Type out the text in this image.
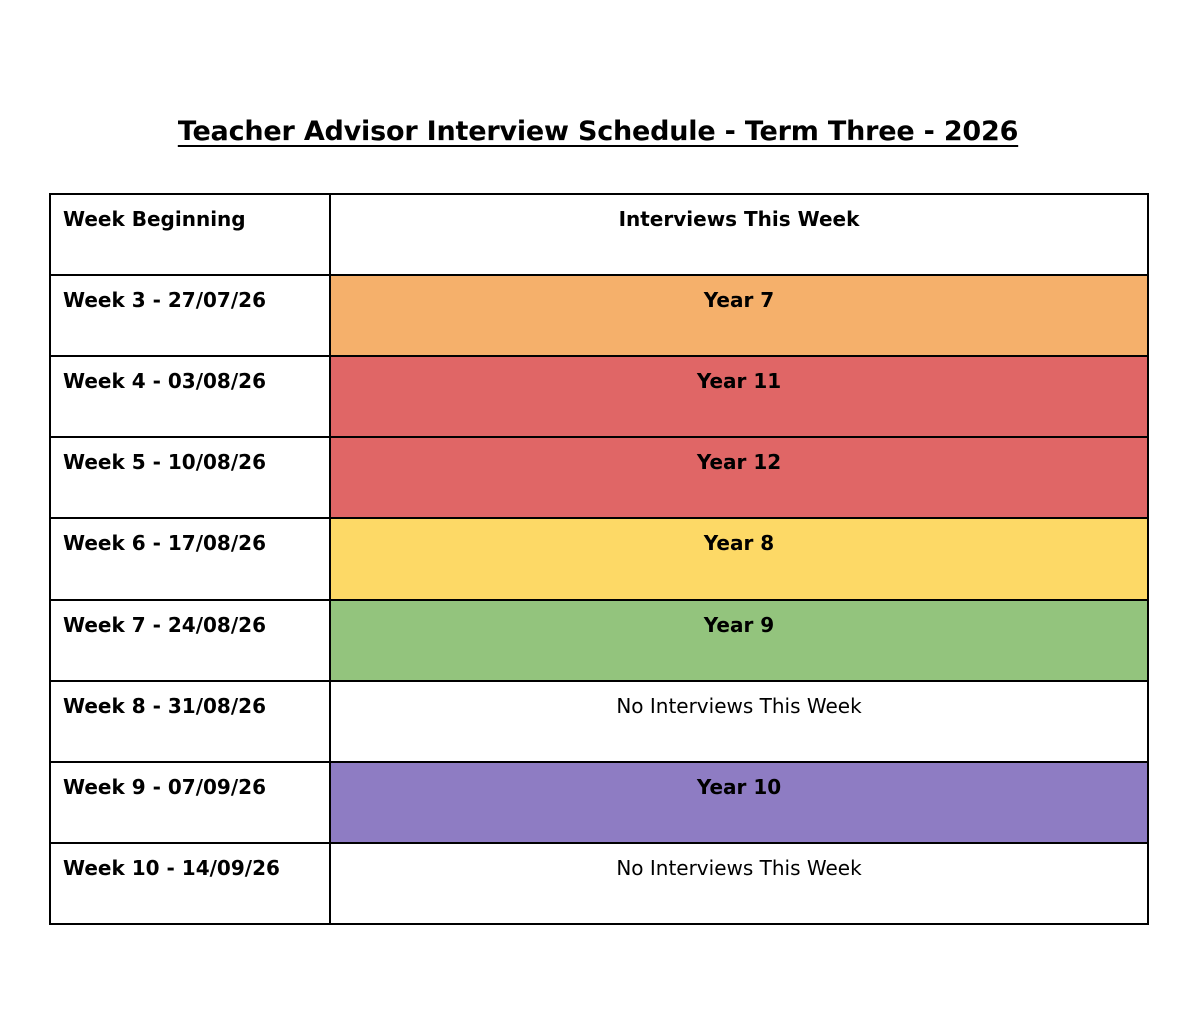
Teacher Advisor Interview Schedule - Term Three - 2026
Week Beginning	Interviews This Week
Week 3 - 27/07/26	Year 7
Week 4 - 03/08/26	Year 11
Week 5 - 10/08/26	Year 12
Week 6 - 17/08/26	Year 8
Week 7 - 24/08/26	Year 9
Week 8 - 31/08/26	No Interviews This Week
Week 9 - 07/09/26	Year 10
Week 10 - 14/09/26	No Interviews This Week
